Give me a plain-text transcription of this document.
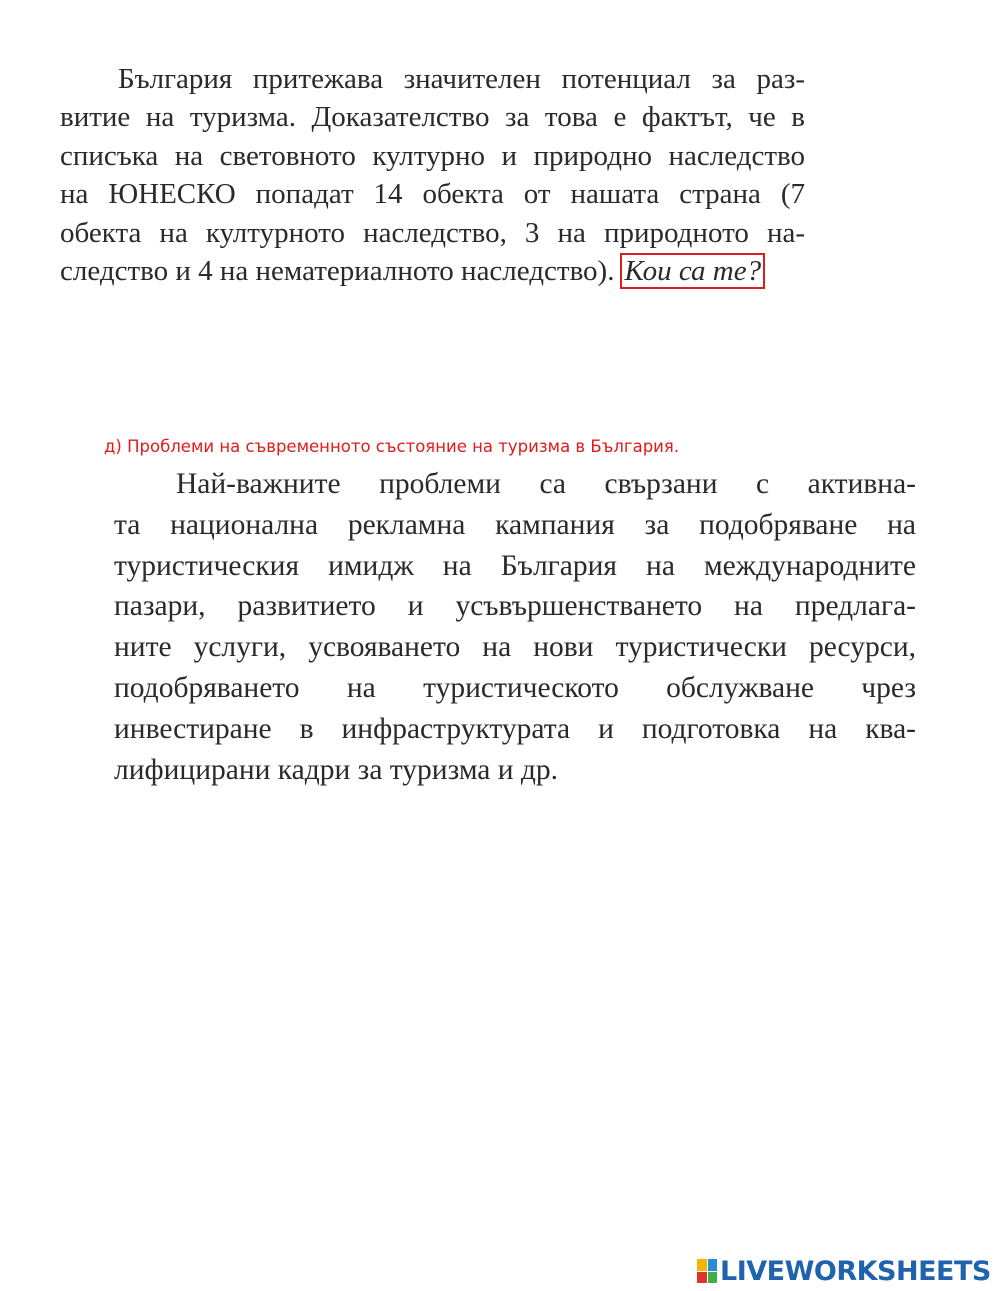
България притежава значителен потенциал за раз-
витие на туризма. Доказателство за това е фактът, че в
списъка на световното културно и природно наследство
на ЮНЕСКО попадат 14 обекта от нашата страна (7
обекта на културното наследство, 3 на природното на-
следство и 4 на нематериалното наследство). Кои са те?

д) Проблеми на съвременното състояние на туризма в България.

Най-важните проблеми са свързани с активна-
та национална рекламна кампания за подобряване на
туристическия имидж на България на международните
пазари, развитието и усъвършенстването на предлага-
ните услуги, усвояването на нови туристически ресурси,
подобряването на туристическото обслужване чрез
инвестиране в инфраструктурата и подготовка на ква-
лифицирани кадри за туризма и др.
LIVEWORKSHEETS
